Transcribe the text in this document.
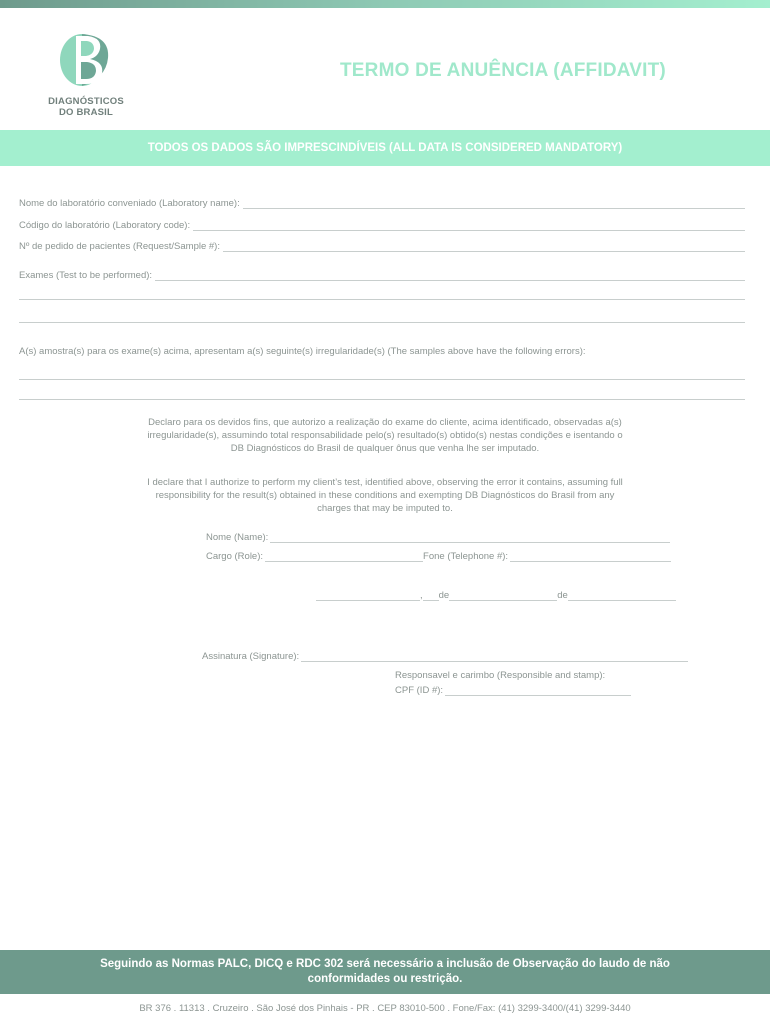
DIAGNÓSTICOS
DO BRASIL
TERMO DE ANUÊNCIA (AFFIDAVIT)
TODOS OS DADOS SÃO IMPRESCINDÍVEIS (ALL DATA IS CONSIDERED MANDATORY)
Nome do laboratório conveniado (Laboratory name):
Código do laboratório (Laboratory code):
Nº de pedido de pacientes (Request/Sample #):
Exames (Test to be performed):
A(s) amostra(s) para os exame(s) acima, apresentam a(s) seguinte(s) irregularidade(s) (The samples above have the following errors):
Declaro para os devidos fins, que autorizo a realização do exame do cliente, acima identificado, observadas a(s) irregularidade(s), assumindo total responsabilidade pelo(s) resultado(s) obtido(s) nestas condições e isentando o DB Diagnósticos do Brasil de qualquer ônus que venha lhe ser imputado.
I declare that I authorize to perform my client’s test, identified above, observing the error it contains, assuming full responsibility for the result(s) obtained in these conditions and exempting DB Diagnósticos do Brasil from any charges that may be imputed to.
Nome (Name):
Cargo (Role):	Fone (Telephone #):
, de	de
Assinatura (Signature):
Responsavel e carimbo (Responsible and stamp):
CPF (ID #):
Seguindo as Normas PALC, DICQ e RDC 302 será necessário a inclusão de Observação do laudo de não conformidades ou restrição.
BR 376 . 11313 . Cruzeiro . São José dos Pinhais - PR . CEP 83010-500 . Fone/Fax: (41) 3299-3400/(41) 3299-3440
